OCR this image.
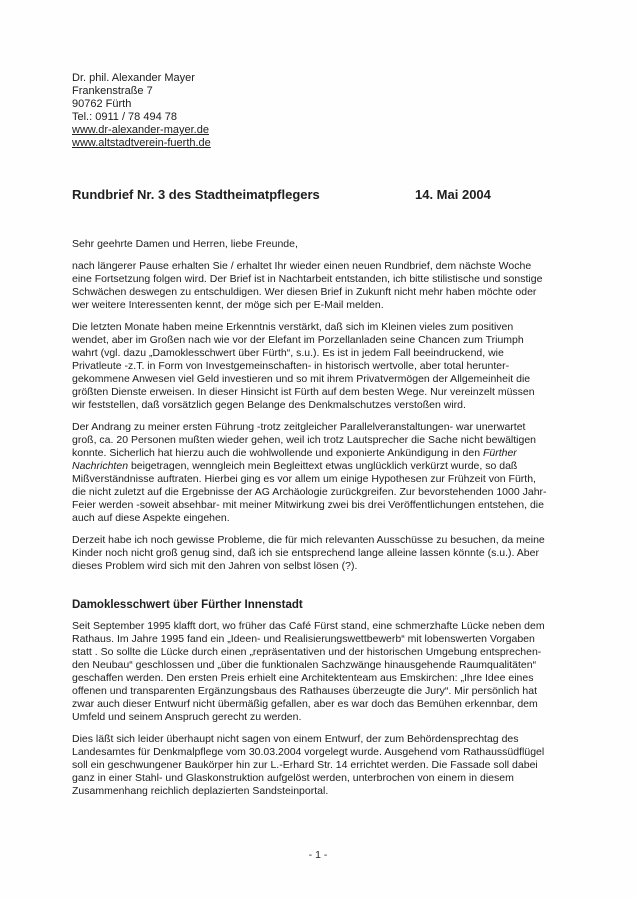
Dr. phil. Alexander Mayer
Frankenstraße 7
90762 Fürth
Tel.: 0911 / 78 494 78
www.dr-alexander-mayer.de
www.altstadtverein-fuerth.de
Rundbrief Nr. 3 des Stadtheimatpflegers	14. Mai 2004

Sehr geehrte Damen und Herren, liebe Freunde,

nach längerer Pause erhalten Sie / erhaltet Ihr wieder einen neuen Rundbrief, dem nächste Woche
eine Fortsetzung folgen wird. Der Brief ist in Nachtarbeit entstanden, ich bitte stilistische und sonstige
Schwächen deswegen zu entschuldigen. Wer diesen Brief in Zukunft nicht mehr haben möchte oder
wer weitere Interessenten kennt, der möge sich per E-Mail melden.

Die letzten Monate haben meine Erkenntnis verstärkt, daß sich im Kleinen vieles zum positiven
wendet, aber im Großen nach wie vor der Elefant im Porzellanladen seine Chancen zum Triumph
wahrt (vgl. dazu „Damoklesschwert über Fürth“, s.u.). Es ist in jedem Fall beeindruckend, wie
Privatleute -z.T. in Form von Investgemeinschaften- in historisch wertvolle, aber total herunter-
gekommene Anwesen viel Geld investieren und so mit ihrem Privatvermögen der Allgemeinheit die
größten Dienste erweisen. In dieser Hinsicht ist Fürth auf dem besten Wege. Nur vereinzelt müssen
wir feststellen, daß vorsätzlich gegen Belange des Denkmalschutzes verstoßen wird.

Der Andrang zu meiner ersten Führung -trotz zeitgleicher Parallelveranstaltungen- war unerwartet
groß, ca. 20 Personen mußten wieder gehen, weil ich trotz Lautsprecher die Sache nicht bewältigen
konnte. Sicherlich hat hierzu auch die wohlwollende und exponierte Ankündigung in den Fürther
Nachrichten beigetragen, wenngleich mein Begleittext etwas unglücklich verkürzt wurde, so daß
Mißverständnisse auftraten. Hierbei ging es vor allem um einige Hypothesen zur Frühzeit von Fürth,
die nicht zuletzt auf die Ergebnisse der AG Archäologie zurückgreifen. Zur bevorstehenden 1000 Jahr-
Feier werden -soweit absehbar- mit meiner Mitwirkung zwei bis drei Veröffentlichungen entstehen, die
auch auf diese Aspekte eingehen.

Derzeit habe ich noch gewisse Probleme, die für mich relevanten Ausschüsse zu besuchen, da meine
Kinder noch nicht groß genug sind, daß ich sie entsprechend lange alleine lassen könnte (s.u.). Aber
dieses Problem wird sich mit den Jahren von selbst lösen (?).

Damoklesschwert über Fürther Innenstadt

Seit September 1995 klafft dort, wo früher das Café Fürst stand, eine schmerzhafte Lücke neben dem
Rathaus. Im Jahre 1995 fand ein „Ideen- und Realisierungswettbewerb“ mit lobenswerten Vorgaben
statt . So sollte die Lücke durch einen „repräsentativen und der historischen Umgebung entsprechen-
den Neubau“ geschlossen und „über die funktionalen Sachzwänge hinausgehende Raumqualitäten“
geschaffen werden. Den ersten Preis erhielt eine Architektenteam aus Emskirchen: „Ihre Idee eines
offenen und transparenten Ergänzungsbaus des Rathauses überzeugte die Jury“. Mir persönlich hat
zwar auch dieser Entwurf nicht übermäßig gefallen, aber es war doch das Bemühen erkennbar, dem
Umfeld und seinem Anspruch gerecht zu werden.

Dies läßt sich leider überhaupt nicht sagen von einem Entwurf, der zum Behördensprechtag des
Landesamtes für Denkmalpflege vom 30.03.2004 vorgelegt wurde. Ausgehend vom Rathaussüdflügel
soll ein geschwungener Baukörper hin zur L.-Erhard Str. 14 errichtet werden. Die Fassade soll dabei
ganz in einer Stahl- und Glaskonstruktion aufgelöst werden, unterbrochen von einem in diesem
Zusammenhang reichlich deplazierten Sandsteinportal.

- 1 -
